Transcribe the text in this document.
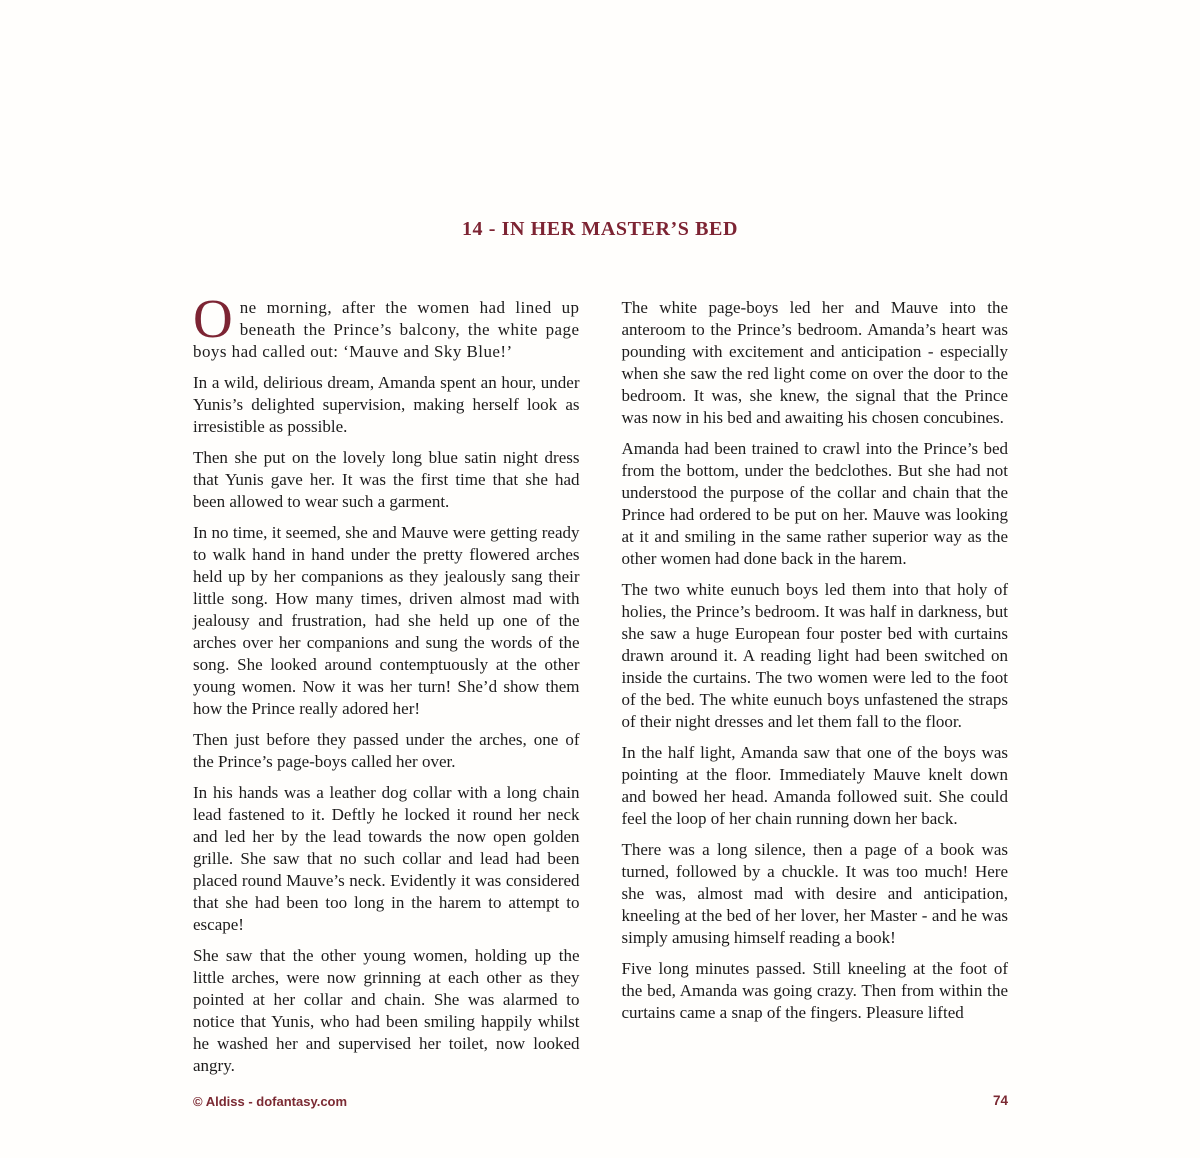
14 - IN HER MASTER’S BED

One morning, after the women had lined up beneath the Prince’s balcony, the white page boys had called out: ‘Mauve and Sky Blue!’

In a wild, delirious dream, Amanda spent an hour, under Yunis’s delighted supervision, making herself look as irresistible as possible.

Then she put on the lovely long blue satin night dress that Yunis gave her. It was the first time that she had been allowed to wear such a garment.

In no time, it seemed, she and Mauve were getting ready to walk hand in hand under the pretty flowered arches held up by her companions as they jealously sang their little song. How many times, driven almost mad with jealousy and frustration, had she held up one of the arches over her companions and sung the words of the song. She looked around contemptuously at the other young women. Now it was her turn! She’d show them how the Prince really adored her!

Then just before they passed under the arches, one of the Prince’s page-boys called her over.

In his hands was a leather dog collar with a long chain lead fastened to it. Deftly he locked it round her neck and led her by the lead towards the now open golden grille. She saw that no such collar and lead had been placed round Mauve’s neck. Evidently it was considered that she had been too long in the harem to attempt to escape!

She saw that the other young women, holding up the little arches, were now grinning at each other as they pointed at her collar and chain. She was alarmed to notice that Yunis, who had been smiling happily whilst he washed her and supervised her toilet, now looked angry.

The white page-boys led her and Mauve into the anteroom to the Prince’s bedroom. Amanda’s heart was pounding with excitement and anticipation - especially when she saw the red light come on over the door to the bedroom. It was, she knew, the signal that the Prince was now in his bed and awaiting his chosen concubines.

Amanda had been trained to crawl into the Prince’s bed from the bottom, under the bedclothes. But she had not understood the purpose of the collar and chain that the Prince had ordered to be put on her. Mauve was looking at it and smiling in the same rather superior way as the other women had done back in the harem.

The two white eunuch boys led them into that holy of holies, the Prince’s bedroom. It was half in darkness, but she saw a huge European four poster bed with curtains drawn around it. A reading light had been switched on inside the curtains. The two women were led to the foot of the bed. The white eunuch boys unfastened the straps of their night dresses and let them fall to the floor.

In the half light, Amanda saw that one of the boys was pointing at the floor. Immediately Mauve knelt down and bowed her head. Amanda followed suit. She could feel the loop of her chain running down her back.

There was a long silence, then a page of a book was turned, followed by a chuckle. It was too much! Here she was, almost mad with desire and anticipation, kneeling at the bed of her lover, her Master - and he was simply amusing himself reading a book!

Five long minutes passed. Still kneeling at the foot of the bed, Amanda was going crazy. Then from within the curtains came a snap of the fingers. Pleasure lifted

© Aldiss - dofantasy.com	74
